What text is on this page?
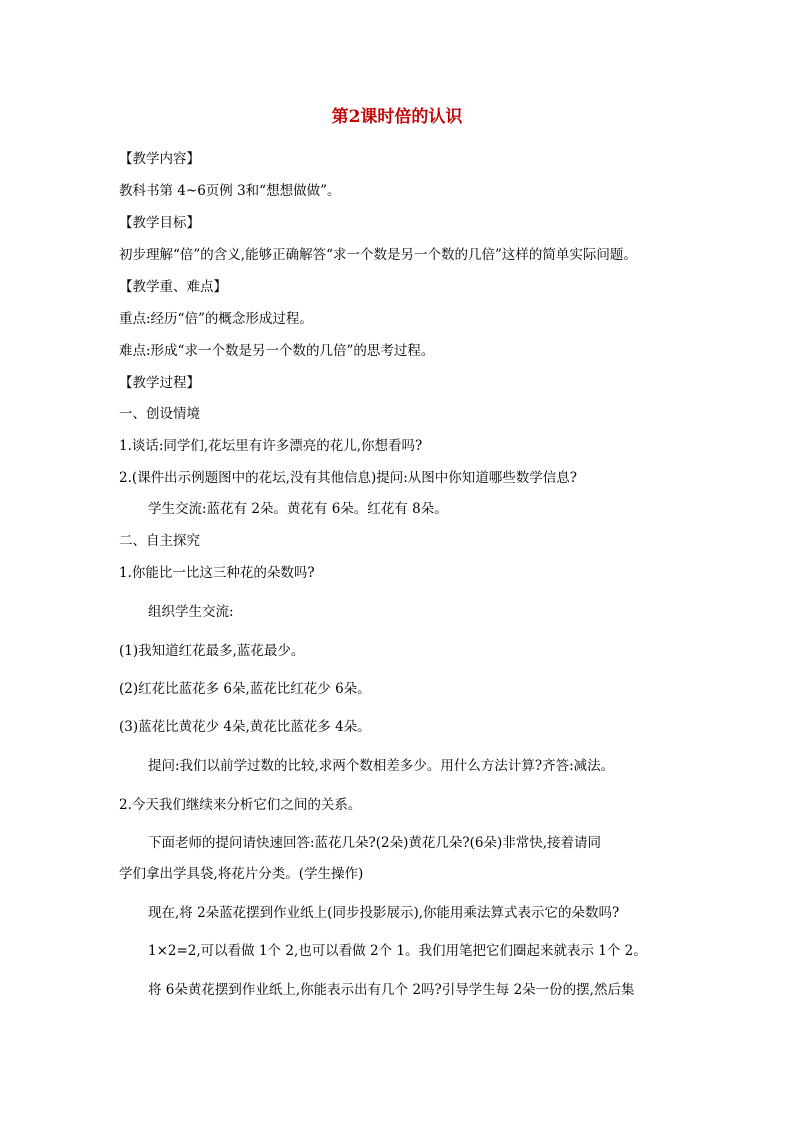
第2课时倍的认识
【教学内容】
教科书第 4~6页例 3和“想想做做”。
【教学目标】
初步理解“倍”的含义,能够正确解答“求一个数是另一个数的几倍”这样的简单实际问题。
【教学重、难点】
重点:经历“倍”的概念形成过程。
难点:形成“求一个数是另一个数的几倍”的思考过程。
【教学过程】
一、创设情境
1.谈话:同学们,花坛里有许多漂亮的花儿,你想看吗?
2.(课件出示例题图中的花坛,没有其他信息)提问:从图中你知道哪些数学信息?
学生交流:蓝花有 2朵。黄花有 6朵。红花有 8朵。
二、自主探究
1.你能比一比这三种花的朵数吗?
组织学生交流:
(1)我知道红花最多,蓝花最少。
(2)红花比蓝花多 6朵,蓝花比红花少 6朵。
(3)蓝花比黄花少 4朵,黄花比蓝花多 4朵。
提问:我们以前学过数的比较,求两个数相差多少。用什么方法计算?齐答:减法。
2.今天我们继续来分析它们之间的关系。
下面老师的提问请快速回答:蓝花几朵?(2朵)黄花几朵?(6朵)非常快,接着请同
学们拿出学具袋,将花片分类。(学生操作)
现在,将 2朵蓝花摆到作业纸上(同步投影展示),你能用乘法算式表示它的朵数吗?
1×2=2,可以看做 1个 2,也可以看做 2个 1。我们用笔把它们圈起来就表示 1个 2。
将 6朵黄花摆到作业纸上,你能表示出有几个 2吗?引导学生每 2朵一份的摆,然后集
